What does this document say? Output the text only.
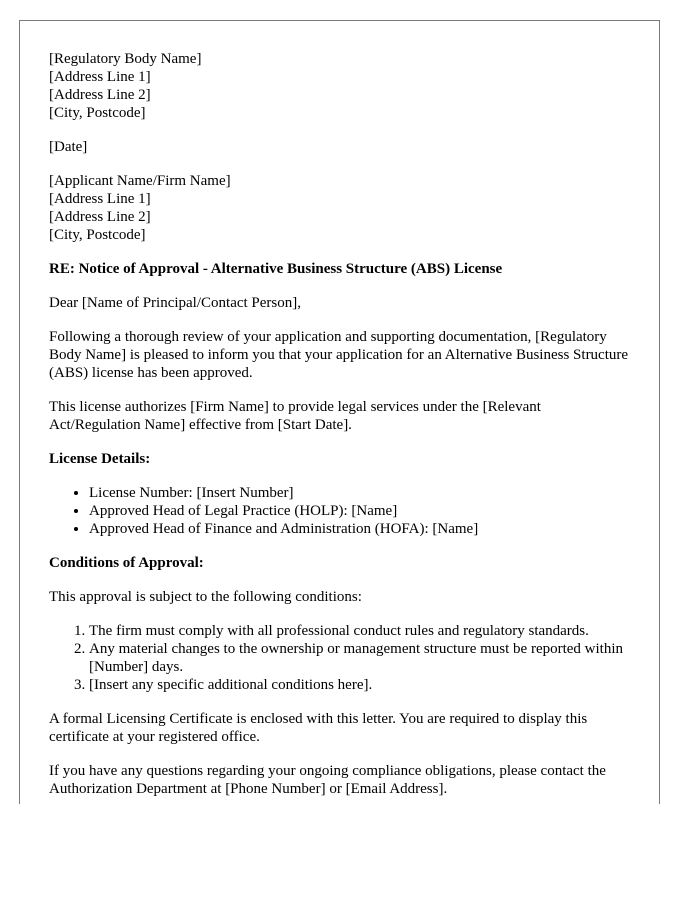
[Regulatory Body Name]
[Address Line 1]
[Address Line 2]
[City, Postcode]

[Date]

[Applicant Name/Firm Name]
[Address Line 1]
[Address Line 2]
[City, Postcode]

RE: Notice of Approval - Alternative Business Structure (ABS) License

Dear [Name of Principal/Contact Person],

Following a thorough review of your application and supporting documentation, [Regulatory Body Name] is pleased to inform you that your application for an Alternative Business Structure (ABS) license has been approved.

This license authorizes [Firm Name] to provide legal services under the [Relevant Act/Regulation Name] effective from [Start Date].

License Details:

• License Number: [Insert Number]
• Approved Head of Legal Practice (HOLP): [Name]
• Approved Head of Finance and Administration (HOFA): [Name]

Conditions of Approval:

This approval is subject to the following conditions:

1. The firm must comply with all professional conduct rules and regulatory standards.
2. Any material changes to the ownership or management structure must be reported within [Number] days.
3. [Insert any specific additional conditions here].

A formal Licensing Certificate is enclosed with this letter. You are required to display this certificate at your registered office.

If you have any questions regarding your ongoing compliance obligations, please contact the Authorization Department at [Phone Number] or [Email Address].
